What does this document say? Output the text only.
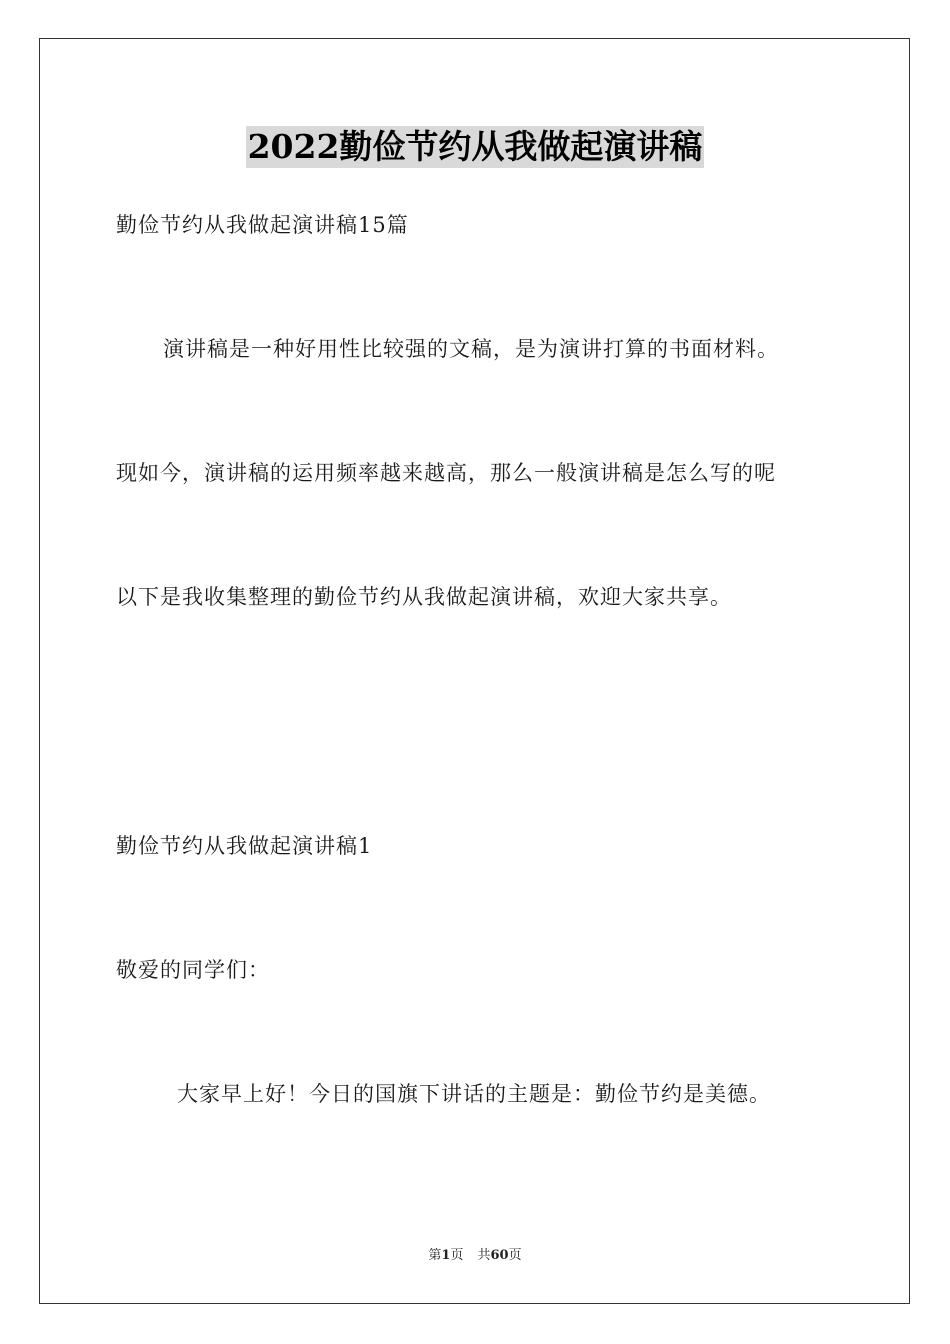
2022勤俭节约从我做起演讲稿
勤俭节约从我做起演讲稿15篇
演讲稿是一种好用性比较强的文稿，是为演讲打算的书面材料。
现如今，演讲稿的运用频率越来越高，那么一般演讲稿是怎么写的呢
以下是我收集整理的勤俭节约从我做起演讲稿，欢迎大家共享。
勤俭节约从我做起演讲稿1
敬爱的同学们：
大家早上好！今日的国旗下讲话的主题是：勤俭节约是美德。
第1页 共60页
